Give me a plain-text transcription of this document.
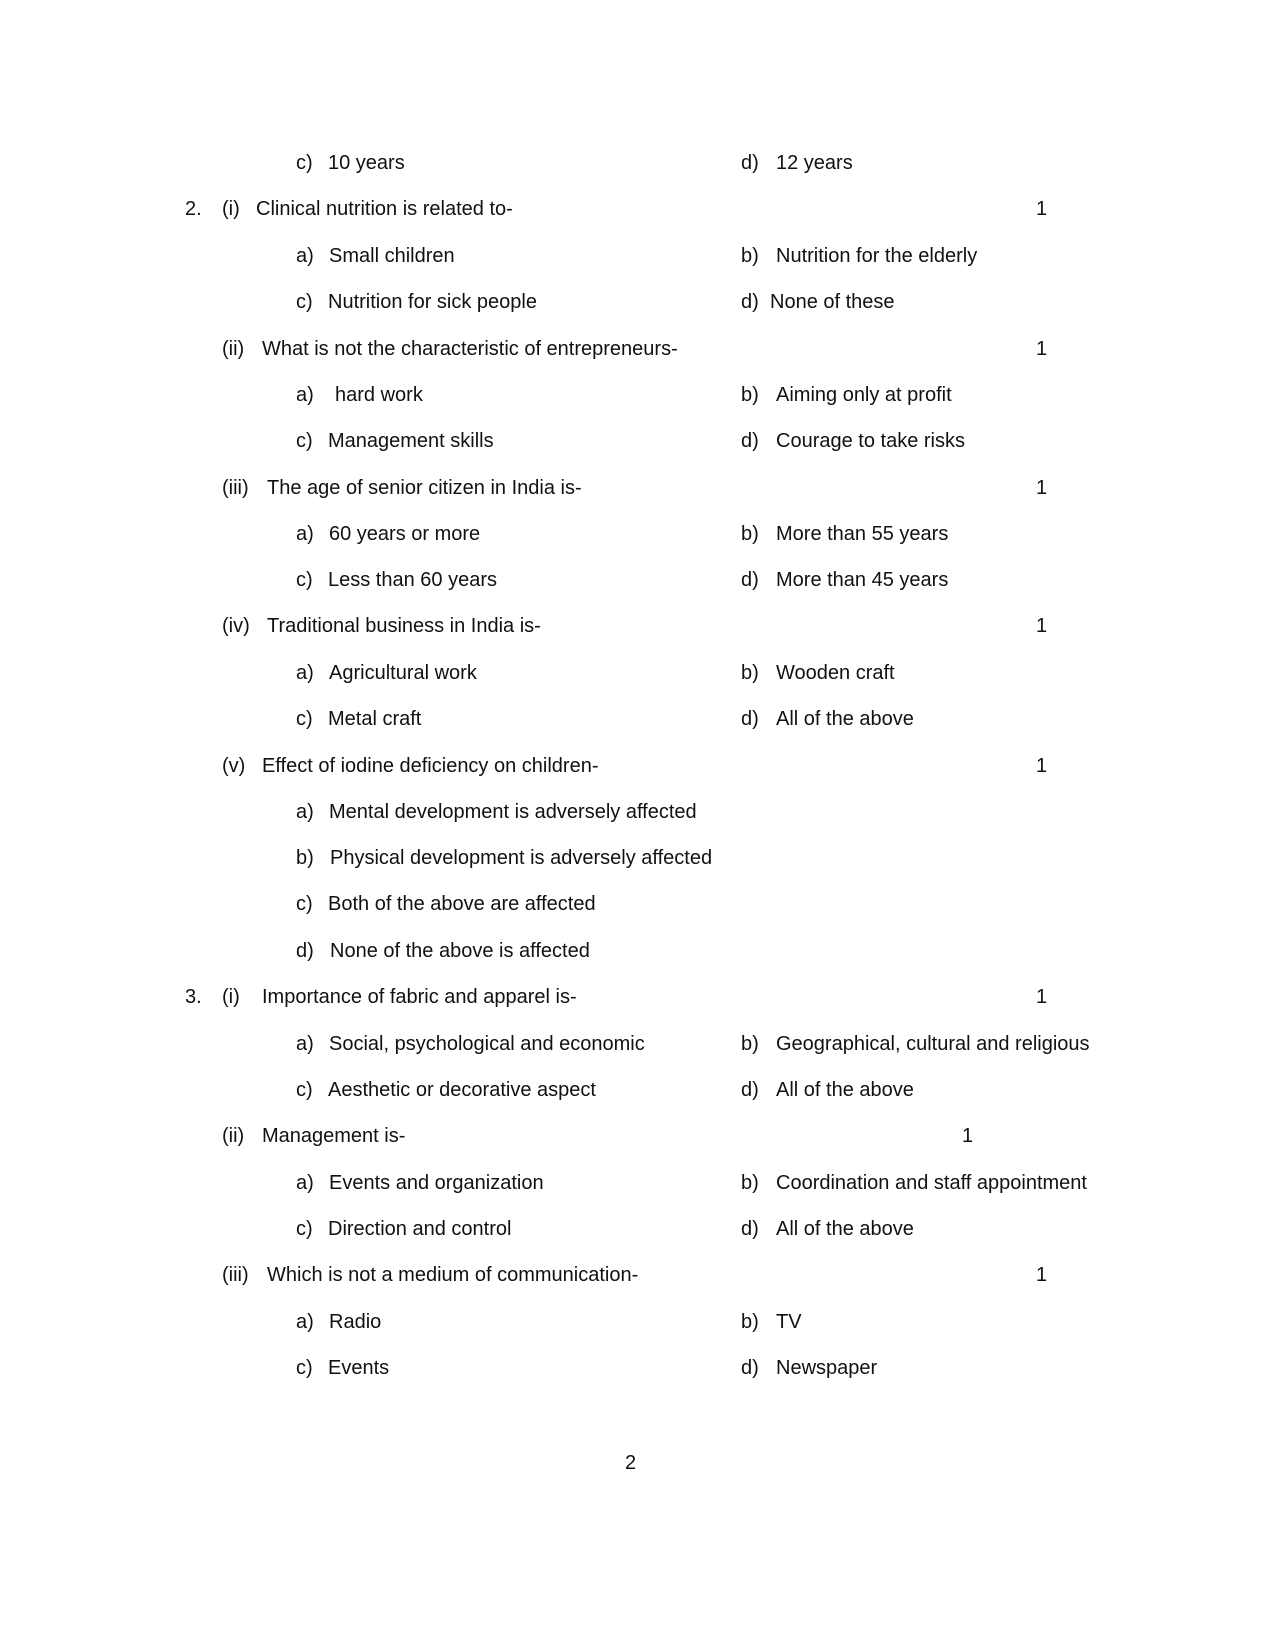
c) 10 years	d) 12 years
2. (i) Clinical nutrition is related to-	1
a) Small children	b) Nutrition for the elderly
c) Nutrition for sick people	d) None of these
(ii) What is not the characteristic of entrepreneurs-	1
a) hard work	b) Aiming only at profit
c) Management skills	d) Courage to take risks
(iii) The age of senior citizen in India is-	1
a) 60 years or more	b) More than 55 years
c) Less than 60 years	d) More than 45 years
(iv) Traditional business in India is-	1
a) Agricultural work	b) Wooden craft
c) Metal craft	d) All of the above
(v) Effect of iodine deficiency on children-	1
a) Mental development is adversely affected
b) Physical development is adversely affected
c) Both of the above are affected
d) None of the above is affected
3. (i) Importance of fabric and apparel is-	1
a) Social, psychological and economic	b) Geographical, cultural and religious
c) Aesthetic or decorative aspect	d) All of the above
(ii) Management is-	1
a) Events and organization	b) Coordination and staff appointment
c) Direction and control	d) All of the above
(iii) Which is not a medium of communication-	1
a) Radio	b) TV
c) Events	d) Newspaper
2
